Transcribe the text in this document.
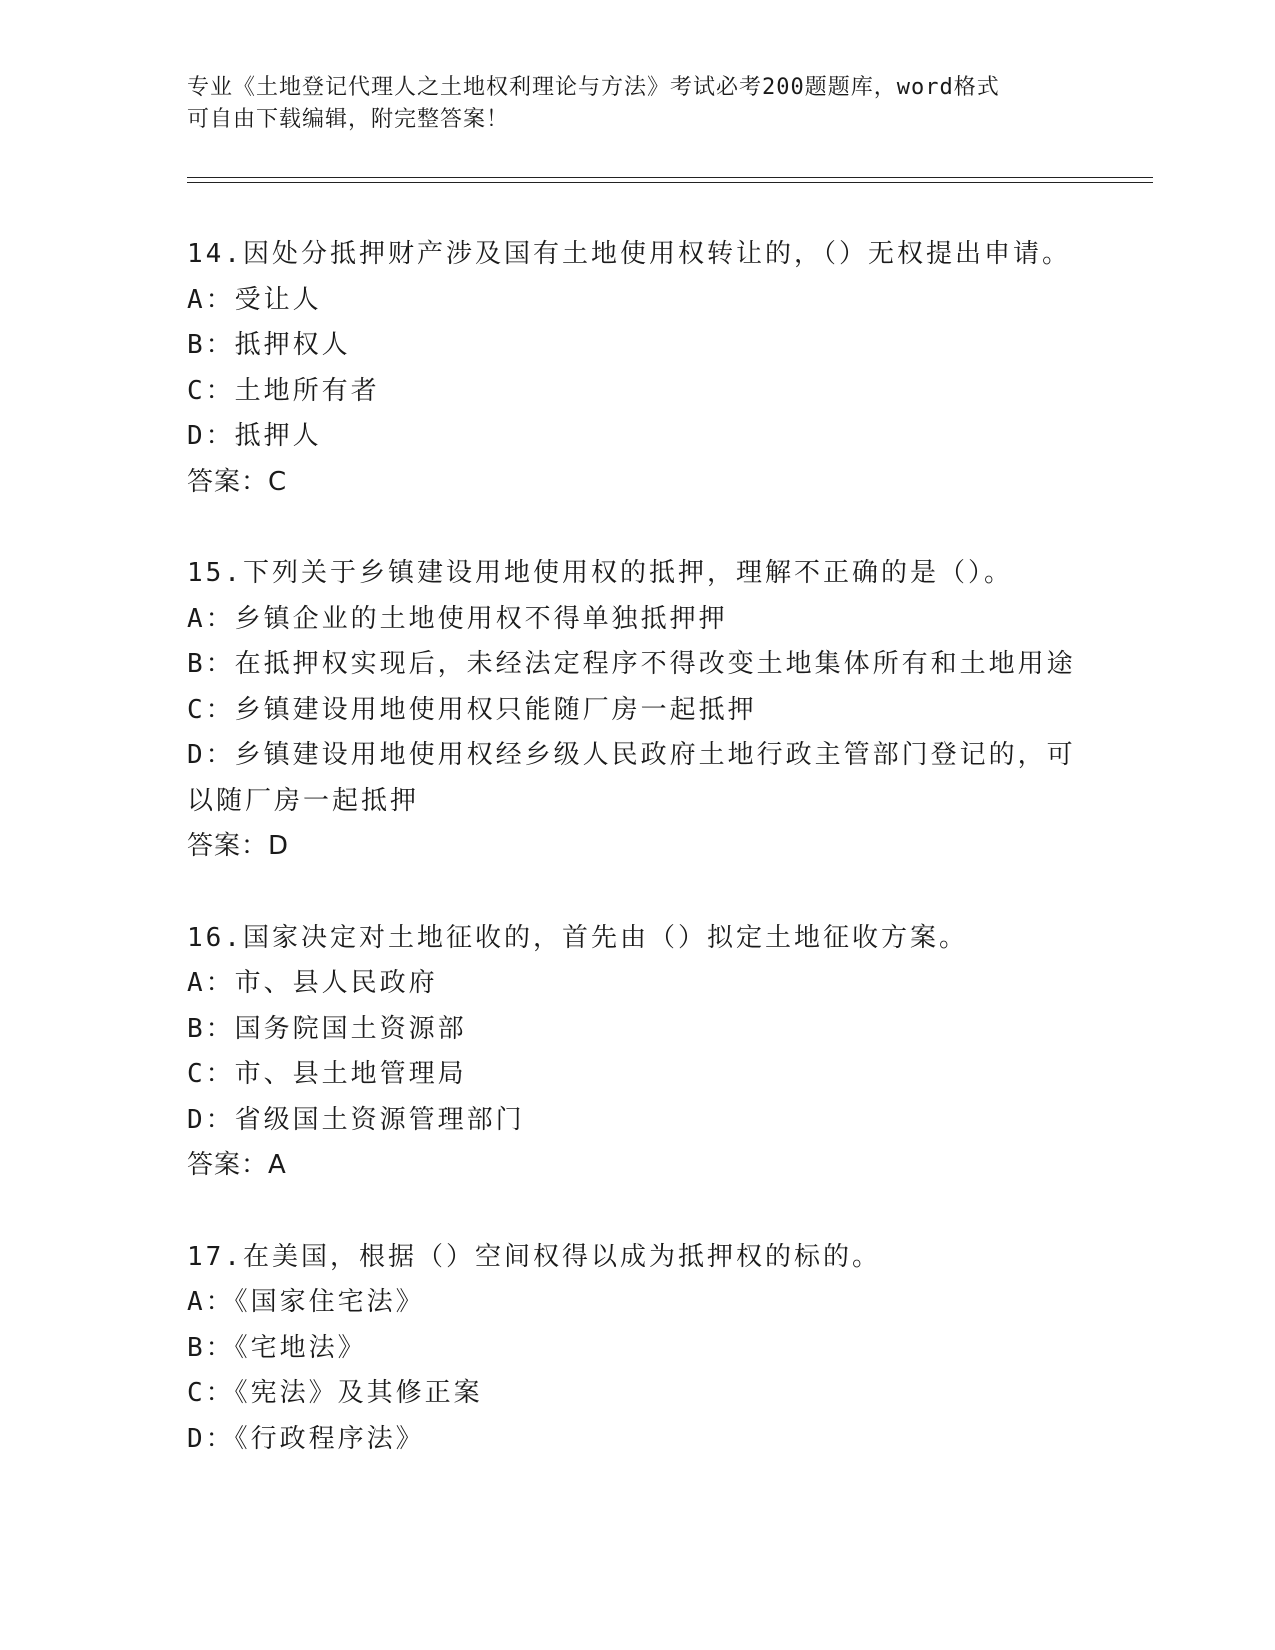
专业《土地登记代理人之土地权利理论与方法》考试必考200题题库，word格式
可自由下载编辑，附完整答案！
14.因处分抵押财产涉及国有土地使用权转让的，（）无权提出申请。
A：受让人
B：抵押权人
C：土地所有者
D：抵押人
答案：C
15.下列关于乡镇建设用地使用权的抵押，理解不正确的是（）。
A：乡镇企业的土地使用权不得单独抵押押
B：在抵押权实现后，未经法定程序不得改变土地集体所有和土地用途
C：乡镇建设用地使用权只能随厂房一起抵押
D：乡镇建设用地使用权经乡级人民政府土地行政主管部门登记的，可以随厂房一起抵押
答案：D
16.国家决定对土地征收的，首先由（）拟定土地征收方案。
A：市、县人民政府
B：国务院国土资源部
C：市、县土地管理局
D：省级国土资源管理部门
答案：A
17.在美国，根据（）空间权得以成为抵押权的标的。
A：《国家住宅法》
B：《宅地法》
C：《宪法》及其修正案
D：《行政程序法》
